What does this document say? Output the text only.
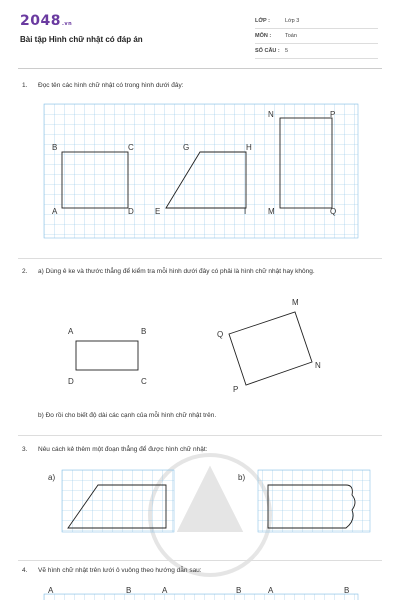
2048.vn
Bài tập Hình chữ nhật có đáp án
LỚP :	Lớp 3
MÔN :	Toán
SỐ CÂU : 5
1. Đọc tên các hình chữ nhật có trong hình dưới đây:
B	C
A	D
G	H
E	I
N	P
M	Q
2. a) Dùng ê ke và thước thẳng để kiểm tra mỗi hình dưới đây có phải là hình chữ nhật hay không.
A	B
D	C
M
Q
N
P
b) Đo rồi cho biết độ dài các cạnh của mỗi hình chữ nhật trên.
3. Nêu cách kẻ thêm một đoạn thẳng để được hình chữ nhật:
a)	b)
4. Vẽ hình chữ nhật trên lưới ô vuông theo hướng dẫn sau:
A	B	A	B	A	B
